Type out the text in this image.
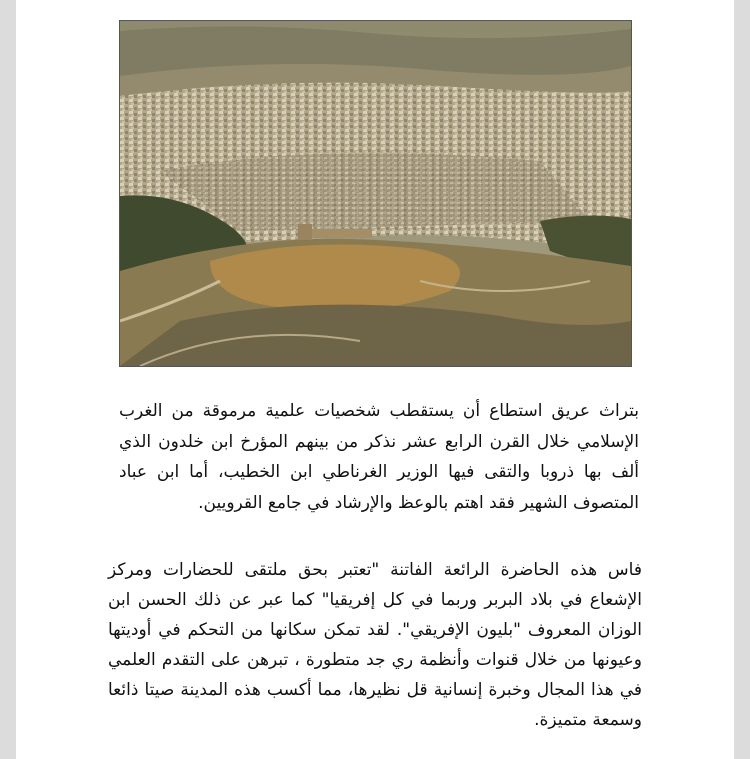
بتراث عريق استطاع أن يستقطب شخصيات علمية مرموقة من الغرب الإسلامي خلال القرن الرابع عشر نذكر من بينهم المؤرخ ابن خلدون الذي ألف بها ذروبا والتقى فيها الوزير الغرناطي ابن الخطيب، أما ابن عباد المتصوف الشهير فقد اهتم بالوعظ والإرشاد في جامع القرويين.

فاس هذه الحاضرة الرائعة الفاتنة "تعتبر بحق ملتقى للحضارات ومركز الإشعاع في بلاد البربر وربما في كل إفريقيا" كما عبر عن ذلك الحسن ابن الوزان المعروف "بليون الإفريقي". لقد تمكن سكانها من التحكم في أوديتها وعيونها من خلال قنوات وأنظمة ري جد متطورة ، تبرهن على التقدم العلمي في هذا المجال وخبرة إنسانية قل نظيرها، مما أكسب هذه المدينة صيتا ذائعا وسمعة متميزة.
